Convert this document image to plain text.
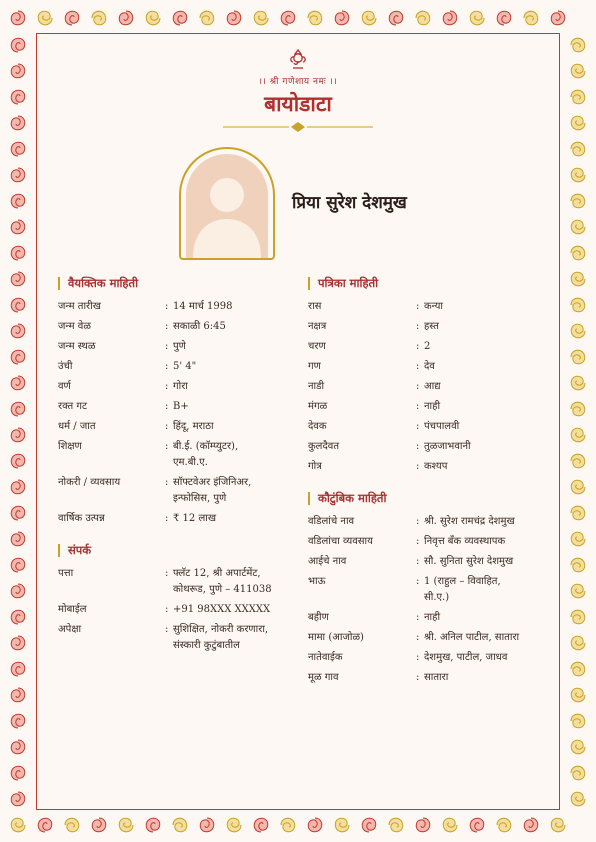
।। श्री गणेशाय नमः ।।
बायोडाटा
प्रिया सुरेश देशमुख
वैयक्तिक माहिती
संपर्क
पत्रिका माहिती
कौटुंबिक माहिती
जन्म तारीख	: 14 मार्च 1998
जन्म वेळ	: सकाळी 6:45
जन्म स्थळ	: पुणे
उंची	: 5' 4"
वर्ण	: गोरा
रक्त गट	: B+
धर्म / जात	: हिंदू, मराठा
शिक्षण	: बी.ई. (कॉम्प्युटर),
एम.बी.ए.
नोकरी / व्यवसाय	: सॉफ्टवेअर इंजिनिअर,
इन्फोसिस, पुणे
वार्षिक उत्पन्न	: ₹ 12 लाख
पत्ता	: फ्लॅट 12, श्री अपार्टमेंट,
कोथरूड, पुणे – 411038
मोबाईल	: +91 98XXX XXXXX
अपेक्षा	: सुशिक्षित, नोकरी करणारा,
संस्कारी कुटुंबातील
रास	: कन्या
नक्षत्र	: हस्त
चरण	: 2
गण	: देव
नाडी	: आद्य
मंगळ	: नाही
देवक	: पंचपालवी
कुलदैवत	: तुळजाभवानी
गोत्र	: कश्यप
वडिलांचे नाव	: श्री. सुरेश रामचंद्र देशमुख
वडिलांचा व्यवसाय	: निवृत्त बँक व्यवस्थापक
आईचे नाव	: सौ. सुनिता सुरेश देशमुख
भाऊ	: 1 (राहुल – विवाहित,
सी.ए.)
बहीण	: नाही
मामा (आजोळ)	: श्री. अनिल पाटील, सातारा
नातेवाईक	: देशमुख, पाटील, जाधव
मूळ गाव	: सातारा
